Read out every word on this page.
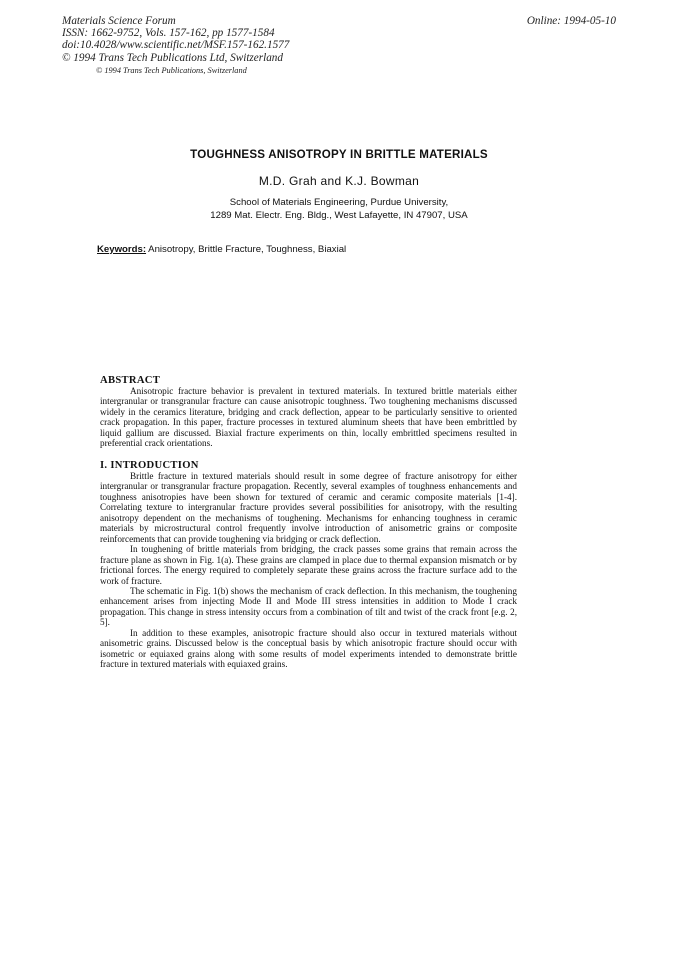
Materials Science Forum
ISSN: 1662-9752, Vols. 157-162, pp 1577-1584
doi:10.4028/www.scientific.net/MSF.157-162.1577
© 1994 Trans Tech Publications Ltd, Switzerland
Online: 1994-05-10
© 1994 Trans Tech Publications, Switzerland
TOUGHNESS ANISOTROPY IN BRITTLE MATERIALS
M.D. Grah and K.J. Bowman
School of Materials Engineering, Purdue University,
1289 Mat. Electr. Eng. Bldg., West Lafayette, IN 47907, USA
Keywords: Anisotropy, Brittle Fracture, Toughness, Biaxial
ABSTRACT

Anisotropic fracture behavior is prevalent in textured materials. In textured brittle materials either intergranular or transgranular fracture can cause anisotropic toughness. Two toughening mechanisms discussed widely in the ceramics literature, bridging and crack deflection, appear to be particularly sensitive to oriented crack propagation. In this paper, fracture processes in textured aluminum sheets that have been embrittled by liquid gallium are discussed. Biaxial fracture experiments on thin, locally embrittled specimens resulted in preferential crack orientations.

I. INTRODUCTION

Brittle fracture in textured materials should result in some degree of fracture anisotropy for either intergranular or transgranular fracture propagation. Recently, several examples of toughness enhancements and toughness anisotropies have been shown for textured of ceramic and ceramic composite materials [1-4]. Correlating texture to intergranular fracture provides several possibilities for anisotropy, with the resulting anisotropy dependent on the mechanisms of toughening. Mechanisms for enhancing toughness in ceramic materials by microstructural control frequently involve introduction of anisometric grains or composite reinforcements that can provide toughening via bridging or crack deflection.

In toughening of brittle materials from bridging, the crack passes some grains that remain across the fracture plane as shown in Fig. 1(a). These grains are clamped in place due to thermal expansion mismatch or by frictional forces. The energy required to completely separate these grains across the fracture surface add to the work of fracture.

The schematic in Fig. 1(b) shows the mechanism of crack deflection. In this mechanism, the toughening enhancement arises from injecting Mode II and Mode III stress intensities in addition to Mode I crack propagation. This change in stress intensity occurs from a combination of tilt and twist of the crack front [e.g. 2, 5].

In addition to these examples, anisotropic fracture should also occur in textured materials without anisometric grains. Discussed below is the conceptual basis by which anisotropic fracture should occur with isometric or equiaxed grains along with some results of model experiments intended to demonstrate brittle fracture in textured materials with equiaxed grains.
